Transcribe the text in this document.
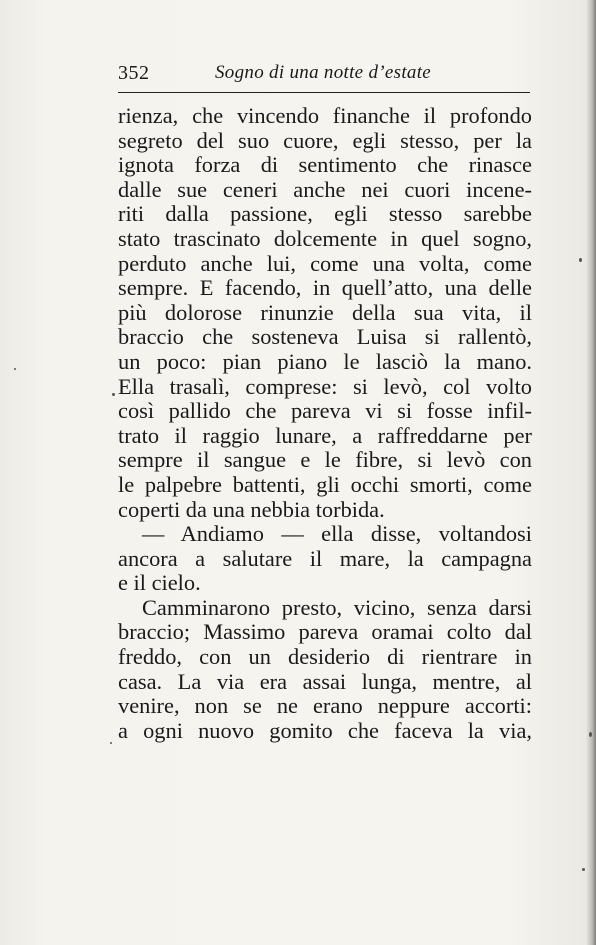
352	Sogno di una notte d’estate
rienza, che vincendo finanche il profondo
segreto del suo cuore, egli stesso, per la
ignota forza di sentimento che rinasce
dalle sue ceneri anche nei cuori incene-
riti dalla passione, egli stesso sarebbe
stato trascinato dolcemente in quel sogno,
perduto anche lui, come una volta, come
sempre. E facendo, in quell’atto, una delle
più dolorose rinunzie della sua vita, il
braccio che sosteneva Luisa si rallentò,
un poco: pian piano le lasciò la mano.
Ella trasalì, comprese: si levò, col volto
così pallido che pareva vi si fosse infil-
trato il raggio lunare, a raffreddarne per
sempre il sangue e le fibre, si levò con
le palpebre battenti, gli occhi smorti, come
coperti da una nebbia torbida.
— Andiamo — ella disse, voltandosi
ancora a salutare il mare, la campagna
e il cielo.
Camminarono presto, vicino, senza darsi
braccio; Massimo pareva oramai colto dal
freddo, con un desiderio di rientrare in
casa. La via era assai lunga, mentre, al
venire, non se ne erano neppure accorti:
a ogni nuovo gomito che faceva la via,
